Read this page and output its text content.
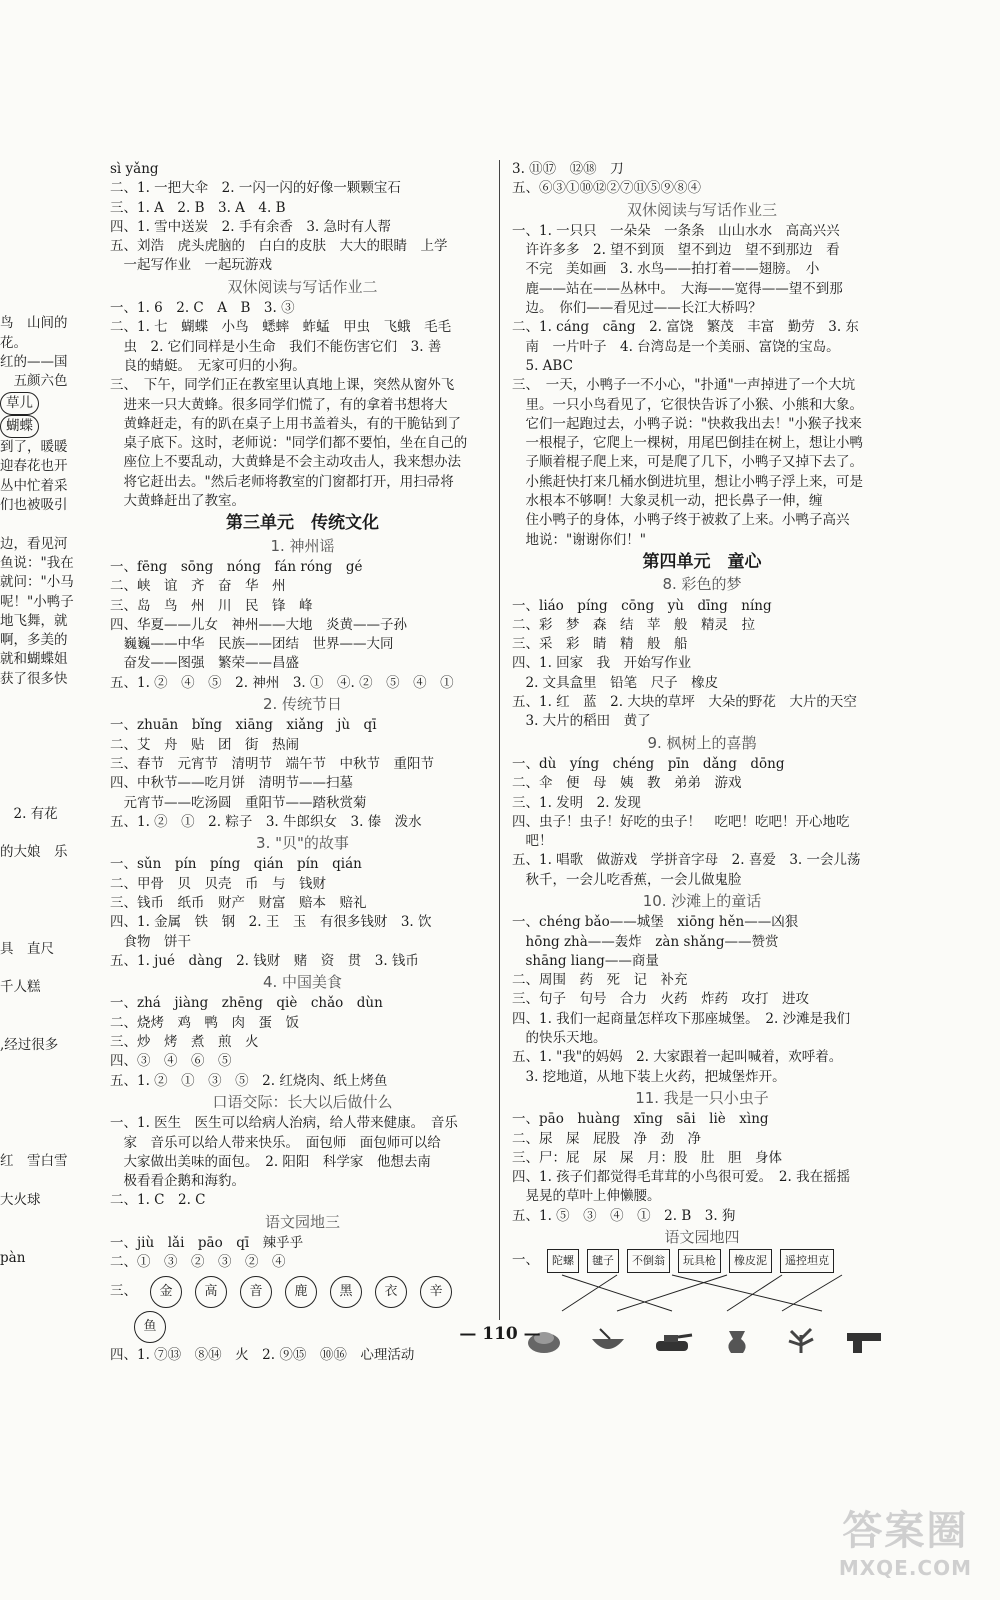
鸟　山间的
花。
红的——国
　五颜六色
草儿
蝴蝶
到了，暖暖
迎春花也开
丛中忙着采
们也被吸引

边，看见河
鱼说："我在
就问："小马
呢！"小鸭子
地飞舞，就
啊，多美的
就和蝴蝶姐
获了很多快

　2. 有花

的大娘　乐

具　直尺

千人糕

,经过很多

红　雪白雪

大火球

pàn
sì yǎng
二、1. 一把大伞　2. 一闪一闪的好像一颗颗宝石
三、1. A　2. B　3. A　4. B
四、1. 雪中送炭　2. 手有余香　3. 急时有人帮
五、刘浩　虎头虎脑的　白白的皮肤　大大的眼睛　上学
　一起写作业　一起玩游戏
双休阅读与写话作业二
一、1. 6　2. C　A　B　3. ③
二、1. 七　蝴蝶　小鸟　蟋蟀　蚱蜢　甲虫　飞蛾　毛毛
　虫　2. 它们同样是小生命　我们不能伤害它们　3. 善
　良的蜻蜓。　无家可归的小狗。
三、　下午，同学们正在教室里认真地上课，突然从窗外飞
　进来一只大黄蜂。很多同学们慌了，有的拿着书想将大
　黄蜂赶走，有的趴在桌子上用书盖着头，有的干脆钻到了
　桌子底下。这时，老师说："同学们都不要怕，坐在自己的
　座位上不要乱动，大黄蜂是不会主动攻击人，我来想办法
　将它赶出去。"然后老师将教室的门窗都打开，用扫帚将
　大黄蜂赶出了教室。
第三单元　传统文化
1. 神州谣
一、fēng　sōng　nóng　fán róng　gé
二、峡　谊　齐　奋　华　州
三、岛　鸟　州　川　民　锋　峰
四、华夏——儿女　神州——大地　炎黄——子孙
　巍巍——中华　民族——团结　世界——大同
　奋发——图强　繁荣——昌盛
五、1. ②　④　⑤　2. 神州　3. ①　④. ②　⑤　④　①
2. 传统节日
一、zhuān　bǐng　xiāng　xiǎng　jù　qī
二、艾　舟　贴　团　街　热闹
三、春节　元宵节　清明节　端午节　中秋节　重阳节
四、中秋节——吃月饼　清明节——扫墓
　元宵节——吃汤圆　重阳节——踏秋赏菊
五、1. ②　①　2. 粽子　3. 牛郎织女　3. 傣　泼水
3. "贝"的故事
一、sǔn　pín　píng　qián　pín　qián
二、甲骨　贝　贝壳　币　与　钱财
三、钱币　纸币　财产　财富　赔本　赔礼
四、1. 金属　铁　钢　2. 王　玉　有很多钱财　3. 饮
　食物　饼干
五、1. jué　dàng　2. 钱财　赌　资　贯　3. 钱币
4. 中国美食
一、zhá　jiàng　zhēng　qiè　chǎo　dùn
二、烧烤　鸡　鸭　肉　蛋　饭
三、炒　烤　煮　煎　火
四、③　④　⑥　⑤
五、1. ②　①　③　⑤　2. 红烧肉、纸上烤鱼
口语交际：长大以后做什么
一、1. 医生　医生可以给病人治病，给人带来健康。　音乐
　家　音乐可以给人带来快乐。　面包师　面包师可以给
　大家做出美味的面包。　2. 阳阳　科学家　他想去南
　极看看企鹅和海豹。
二、1. C　2. C
语文园地三
一、jiù　lǎi　pāo　qī　辣乎乎
二、①　③　②　③　②　④
三、	金	高	音	鹿	黑	衣	辛
鱼
四、1. ⑦⑬　⑧⑭　火　2. ⑨⑮　⑩⑯　心理活动
3. ⑪⑰　⑫⑱　刀
五、⑥③①⑩⑫②⑦⑪⑤⑨⑧④
双休阅读与写话作业三
一、1. 一只只　一朵朵　一条条　山山水水　高高兴兴
　许许多多　2. 望不到顶　望不到边　望不到那边　看
　不完　美如画　3. 水鸟——拍打着——翅膀。　小
　鹿——站在——丛林中。　大海——宽得——望不到那
　边。　你们——看见过——长江大桥吗？
二、1. cáng　cāng　2. 富饶　繁茂　丰富　勤劳　3. 东
　南　一片叶子　4. 台湾岛是一个美丽、富饶的宝岛。
　5. ABC
三、　一天，小鸭子一不小心，"扑通"一声掉进了一个大坑
　里。一只小鸟看见了，它很快告诉了小猴、小熊和大象。
　它们一起跑过去，小鸭子说："快救我出去！"小猴子找来
　一根棍子，它爬上一棵树，用尾巴倒挂在树上，想让小鸭
　子顺着棍子爬上来，可是爬了几下，小鸭子又掉下去了。
　小熊赶快打来几桶水倒进坑里，想让小鸭子浮上来，可是
　水根本不够啊！大象灵机一动，把长鼻子一伸，缠
　住小鸭子的身体，小鸭子终于被救了上来。小鸭子高兴
　地说："谢谢你们！"
第四单元　童心
8. 彩色的梦
一、liáo　píng　cōng　yù　dīng　níng
二、彩　梦　森　结　苹　般　精灵　拉
三、采　彩　睛　精　般　船
四、1. 回家　我　开始写作业
　2. 文具盒里　铅笔　尺子　橡皮
五、1. 红　蓝　2. 大块的草坪　大朵的野花　大片的天空
　3. 大片的稻田　黄了
9. 枫树上的喜鹊
一、dù　yíng　chéng　pīn　dǎng　dōng
二、伞　便　母　姨　教　弟弟　游戏
三、1. 发明　2. 发现
四、虫子！虫子！好吃的虫子！　吃吧！吃吧！开心地吃
　吧！
五、1. 唱歌　做游戏　学拼音字母　2. 喜爱　3. 一会儿荡
　秋千，一会儿吃香蕉，一会儿做鬼脸
10. 沙滩上的童话
一、chéng bǎo——城堡　xiōng hěn——凶狠
　hōng zhà——轰炸　zàn shǎng——赞赏
　shāng liang——商量
二、周围　药　死　记　补充
三、句子　句号　合力　火药　炸药　攻打　进攻
四、1. 我们一起商量怎样攻下那座城堡。　2. 沙滩是我们
　的快乐天地。
五、1. "我"的妈妈　2. 大家跟着一起叫喊着，欢呼着。
　3. 挖地道，从地下装上火药，把城堡炸开。
11. 我是一只小虫子
一、pāo　huàng　xīng　sāi　liè　xìng
二、尿　屎　屁股　净　劲　净
三、尸：屁　尿　屎　月：股　肚　胆　身体
四、1. 孩子们都觉得毛茸茸的小鸟很可爱。　2. 我在摇摇
　晃晃的草叶上伸懒腰。
五、1. ⑤　③　④　①　2. B　3. 狗
语文园地四
一、	陀螺	毽子	不倒翁	玩具枪	橡皮泥	遥控坦克
— 110 —
答案圈
MXQE.COM
